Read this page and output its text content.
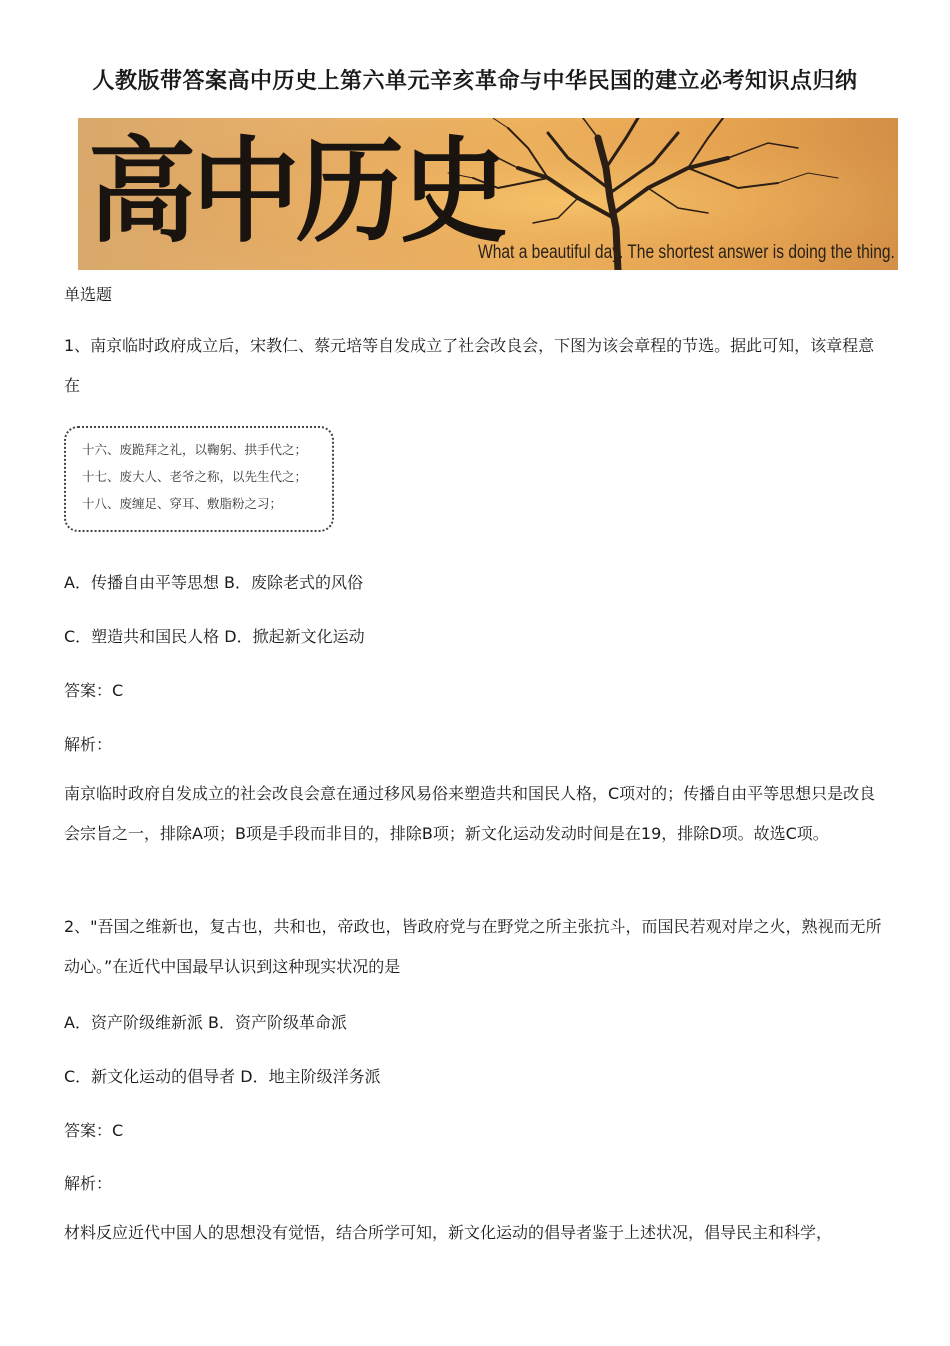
人教版带答案高中历史上第六单元辛亥革命与中华民国的建立必考知识点归纳
高中历史
What a beautiful day. The shortest answer is doing the thing.
单选题
1、南京临时政府成立后，宋教仁、蔡元培等自发成立了社会改良会，下图为该会章程的节选。据此可知，该章程意在
十六、废跪拜之礼，以鞠躬、拱手代之；
十七、废大人、老爷之称，以先生代之；
十八、废缠足、穿耳、敷脂粉之习；
A．传播自由平等思想 B．废除老式的风俗
C．塑造共和国民人格 D．掀起新文化运动
答案：C
解析：
南京临时政府自发成立的社会改良会意在通过移风易俗来塑造共和国民人格，C项对的；传播自由平等思想只是改良会宗旨之一，排除A项；B项是手段而非目的，排除B项；新文化运动发动时间是在19，排除D项。故选C项。
2、"吾国之维新也，复古也，共和也，帝政也，皆政府党与在野党之所主张抗斗，而国民若观对岸之火，熟视而无所动心。”在近代中国最早认识到这种现实状况的是
A．资产阶级维新派 B．资产阶级革命派
C．新文化运动的倡导者 D．地主阶级洋务派
答案：C
解析：
材料反应近代中国人的思想没有觉悟，结合所学可知，新文化运动的倡导者鉴于上述状况，倡导民主和科学，
